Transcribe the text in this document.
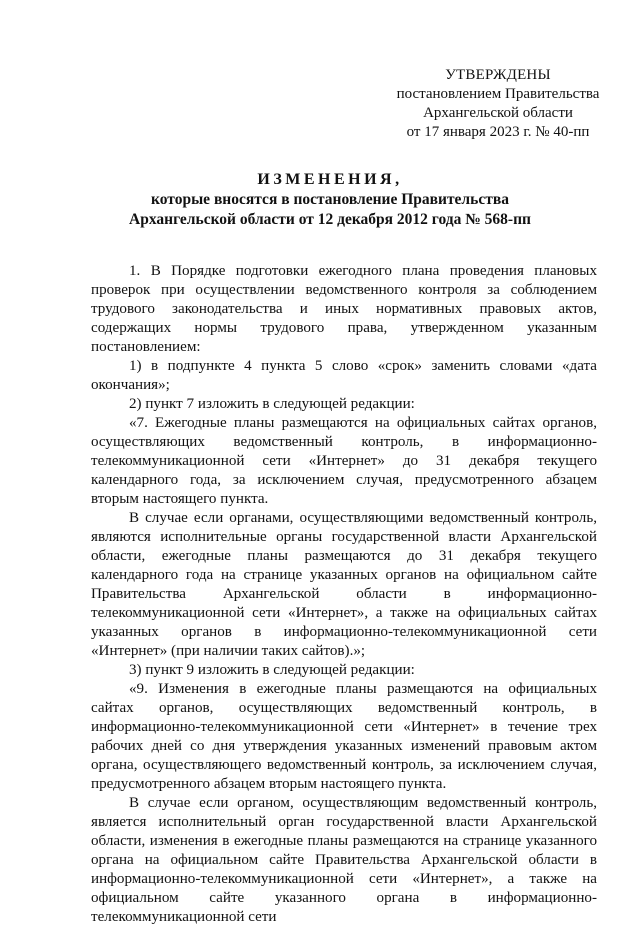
УТВЕРЖДЕНЫ
постановлением Правительства
Архангельской области
от 17 января 2023 г. № 40-пп
ИЗМЕНЕНИЯ,
которые вносятся в постановление Правительства
Архангельской области от 12 декабря 2012 года № 568-пп

1. В Порядке подготовки ежегодного плана проведения плановых проверок при осуществлении ведомственного контроля за соблюдением трудового законодательства и иных нормативных правовых актов, содержащих нормы трудового права, утвержденном указанным постановлением:

1) в подпункте 4 пункта 5 слово «срок» заменить словами «дата окончания»;

2) пункт 7 изложить в следующей редакции:

«7. Ежегодные планы размещаются на официальных сайтах органов, осуществляющих ведомственный контроль, в информационно-телекоммуникационной сети «Интернет» до 31 декабря текущего календарного года, за исключением случая, предусмотренного абзацем вторым настоящего пункта.

В случае если органами, осуществляющими ведомственный контроль, являются исполнительные органы государственной власти Архангельской области, ежегодные планы размещаются до 31 декабря текущего календарного года на странице указанных органов на официальном сайте Правительства Архангельской области в информационно-телекоммуникационной сети «Интернет», а также на официальных сайтах указанных органов в информационно-телекоммуникационной сети «Интернет» (при наличии таких сайтов).»;

3) пункт 9 изложить в следующей редакции:

«9. Изменения в ежегодные планы размещаются на официальных сайтах органов, осуществляющих ведомственный контроль, в информационно-телекоммуникационной сети «Интернет» в течение трех рабочих дней со дня утверждения указанных изменений правовым актом органа, осуществляющего ведомственный контроль, за исключением случая, предусмотренного абзацем вторым настоящего пункта.

В случае если органом, осуществляющим ведомственный контроль, является исполнительный орган государственной власти Архангельской области, изменения в ежегодные планы размещаются на странице указанного органа на официальном сайте Правительства Архангельской области в информационно-телекоммуникационной сети «Интернет», а также на официальном сайте указанного органа в информационно-телекоммуникационной сети
